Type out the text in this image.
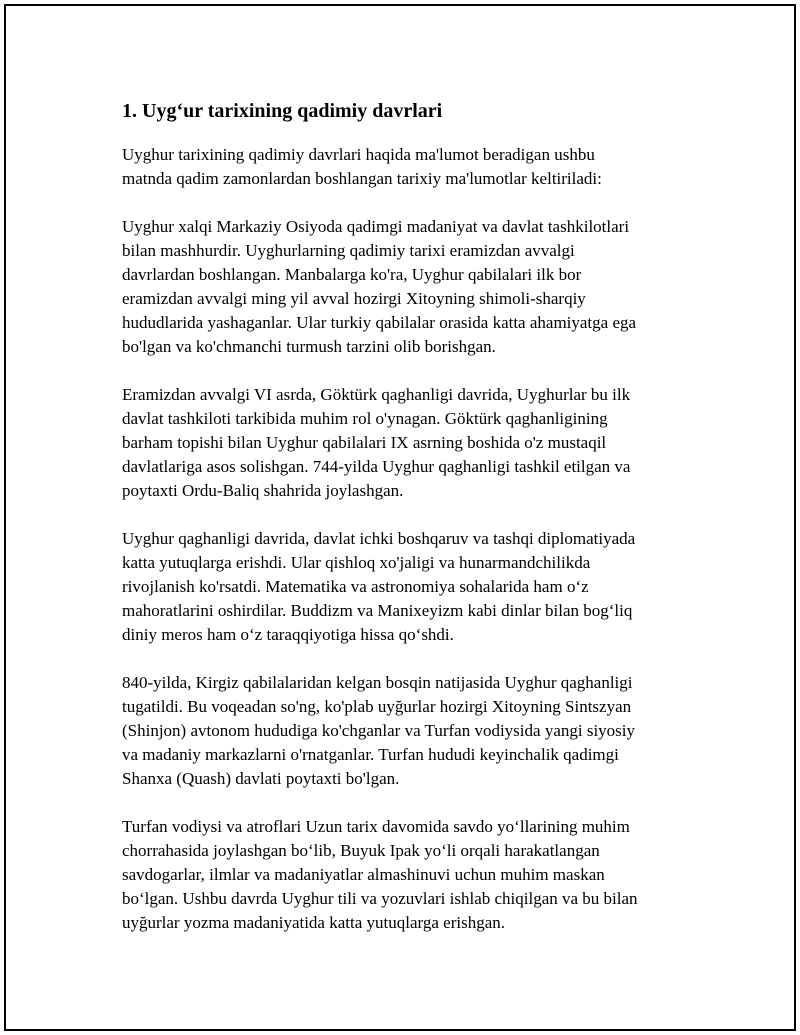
1. Uyg‘ur tarixining qadimiy davrlari

Uyghur tarixining qadimiy davrlari haqida ma'lumot beradigan ushbu
matnda qadim zamonlardan boshlangan tarixiy ma'lumotlar keltiriladi:

Uyghur xalqi Markaziy Osiyoda qadimgi madaniyat va davlat tashkilotlari
bilan mashhurdir. Uyghurlarning qadimiy tarixi eramizdan avvalgi
davrlardan boshlangan. Manbalarga ko'ra, Uyghur qabilalari ilk bor
eramizdan avvalgi ming yil avval hozirgi Xitoyning shimoli-sharqiy
hududlarida yashaganlar. Ular turkiy qabilalar orasida katta ahamiyatga ega
bo'lgan va ko'chmanchi turmush tarzini olib borishgan.

Eramizdan avvalgi VI asrda, Göktürk qaghanligi davrida, Uyghurlar bu ilk
davlat tashkiloti tarkibida muhim rol o'ynagan. Göktürk qaghanligining
barham topishi bilan Uyghur qabilalari IX asrning boshida o'z mustaqil
davlatlariga asos solishgan. 744-yilda Uyghur qaghanligi tashkil etilgan va
poytaxti Ordu-Baliq shahrida joylashgan.

Uyghur qaghanligi davrida, davlat ichki boshqaruv va tashqi diplomatiyada
katta yutuqlarga erishdi. Ular qishloq xo'jaligi va hunarmandchilikda
rivojlanish ko'rsatdi. Matematika va astronomiya sohalarida ham o‘z
mahoratlarini oshirdilar. Buddizm va Manixeyizm kabi dinlar bilan bog‘liq
diniy meros ham o‘z taraqqiyotiga hissa qo‘shdi.

840-yilda, Kirgiz qabilalaridan kelgan bosqin natijasida Uyghur qaghanligi
tugatildi. Bu voqeadan so'ng, ko'plab uyğurlar hozirgi Xitoyning Sintszyan
(Shinjon) avtonom hududiga ko'chganlar va Turfan vodiysida yangi siyosiy
va madaniy markazlarni o'rnatganlar. Turfan hududi keyinchalik qadimgi
Shanxa (Quash) davlati poytaxti bo'lgan.

Turfan vodiysi va atroflari Uzun tarix davomida savdo yo‘llarining muhim
chorrahasida joylashgan bo‘lib, Buyuk Ipak yo‘li orqali harakatlangan
savdogarlar, ilmlar va madaniyatlar almashinuvi uchun muhim maskan
bo‘lgan. Ushbu davrda Uyghur tili va yozuvlari ishlab chiqilgan va bu bilan
uyğurlar yozma madaniyatida katta yutuqlarga erishgan.
